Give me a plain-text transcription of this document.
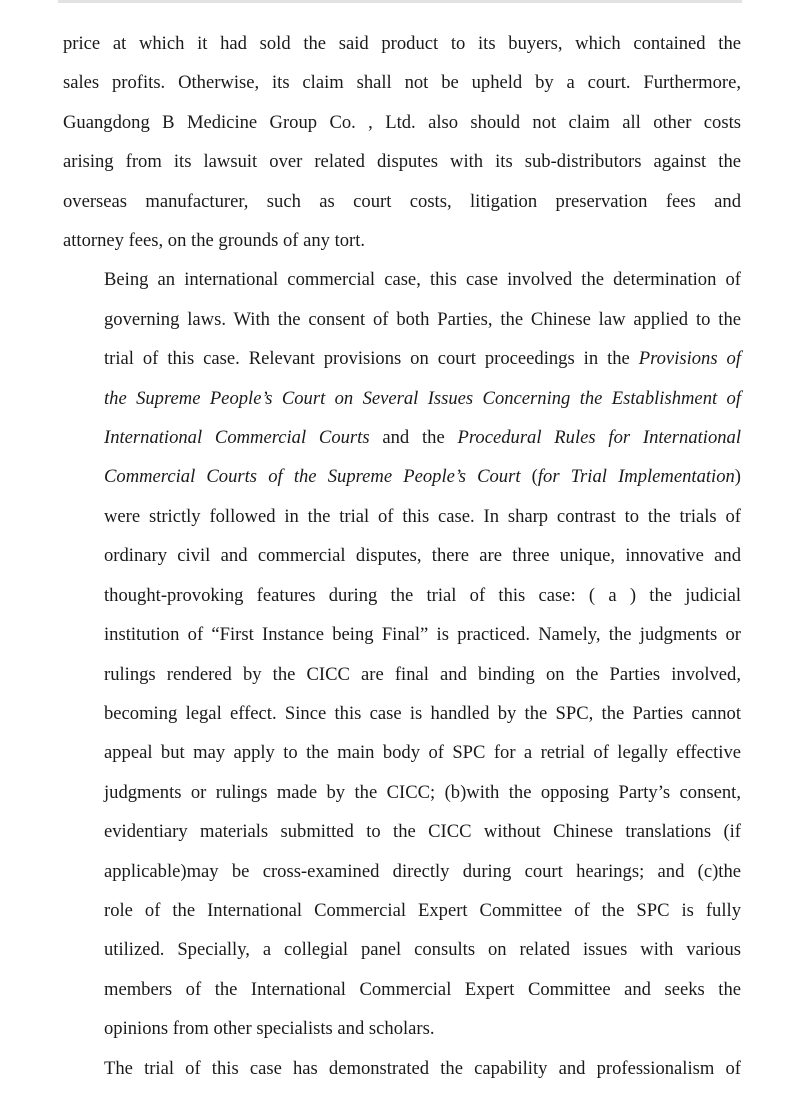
price at which it had sold the said product to its buyers, which contained the
sales profits. Otherwise, its claim shall not be upheld by a court. Furthermore,
Guangdong B Medicine Group Co. , Ltd. also should not claim all other costs
arising from its lawsuit over related disputes with its sub-distributors against the
overseas manufacturer, such as court costs, litigation preservation fees and
attorney fees, on the grounds of any tort.

Being an international commercial case, this case involved the determination of
governing laws. With the consent of both Parties, the Chinese law applied to the
trial of this case. Relevant provisions on court proceedings in the Provisions of
the Supreme People’s Court on Several Issues Concerning the Establishment of
International Commercial Courts and the Procedural Rules for International
Commercial Courts of the Supreme People’s Court (for Trial Implementation)
were strictly followed in the trial of this case. In sharp contrast to the trials of
ordinary civil and commercial disputes, there are three unique, innovative and
thought-provoking features during the trial of this case: ( a ) the judicial
institution of “First Instance being Final” is practiced. Namely, the judgments or
rulings rendered by the CICC are final and binding on the Parties involved,
becoming legal effect. Since this case is handled by the SPC, the Parties cannot
appeal but may apply to the main body of SPC for a retrial of legally effective
judgments or rulings made by the CICC; (b)with the opposing Party’s consent,
evidentiary materials submitted to the CICC without Chinese translations (if
applicable)may be cross-examined directly during court hearings; and (c)the
role of the International Commercial Expert Committee of the SPC is fully
utilized. Specially, a collegial panel consults on related issues with various
members of the International Commercial Expert Committee and seeks the
opinions from other specialists and scholars.

The trial of this case has demonstrated the capability and professionalism of
